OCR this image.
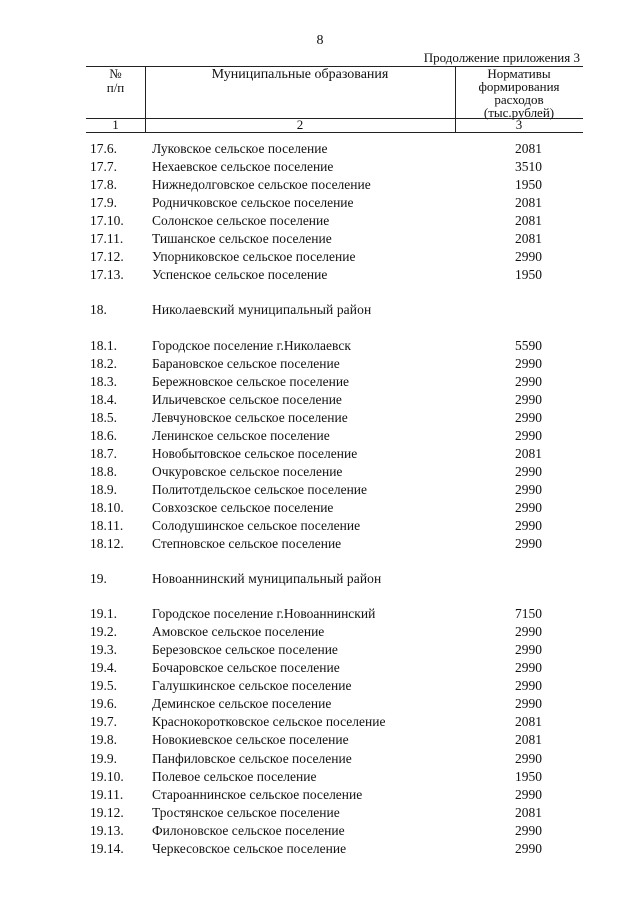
8
Продолжение приложения 3
№
п/п
Муниципальные образования	Нормативы
формирования
расходов
(тыс.рублей)
1	2	3
17.6.	Луковское сельское поселение	2081
17.7.	Нехаевское сельское поселение	3510
17.8.	Нижнедолговское сельское поселение	1950
17.9.	Родничковское сельское поселение	2081
17.10. Солонское сельское поселение	2081
17.11. Тишанское сельское поселение	2081
17.12. Упорниковское сельское поселение	2990
17.13. Успенское сельское поселение	1950
18.	Николаевский муниципальный район
18.1.	Городское поселение г.Николаевск	5590
18.2.	Барановское сельское поселение	2990
18.3.	Бережновское сельское поселение	2990
18.4.	Ильичевское сельское поселение	2990
18.5.	Левчуновское сельское поселение	2990
18.6.	Ленинское сельское поселение	2990
18.7.	Новобытовское сельское поселение	2081
18.8.	Очкуровское сельское поселение	2990
18.9.	Политотдельское сельское поселение	2990
18.10. Совхозское сельское поселение	2990
18.11. Солодушинское сельское поселение	2990
18.12. Степновское сельское поселение	2990
19.	Новоаннинский муниципальный район
19.1.	Городское поселение г.Новоаннинский	7150
19.2.	Амовское сельское поселение	2990
19.3.	Березовское сельское поселение	2990
19.4.	Бочаровское сельское поселение	2990
19.5.	Галушкинское сельское поселение	2990
19.6.	Деминское сельское поселение	2990
19.7.	Краснокоротковское сельское поселение	2081
19.8.	Новокиевское сельское поселение	2081
19.9.	Панфиловское сельское поселение	2990
19.10. Полевое сельское поселение	1950
19.11. Староаннинское сельское поселение	2990
19.12. Тростянское сельское поселение	2081
19.13. Филоновское сельское поселение	2990
19.14. Черкесовское сельское поселение	2990
